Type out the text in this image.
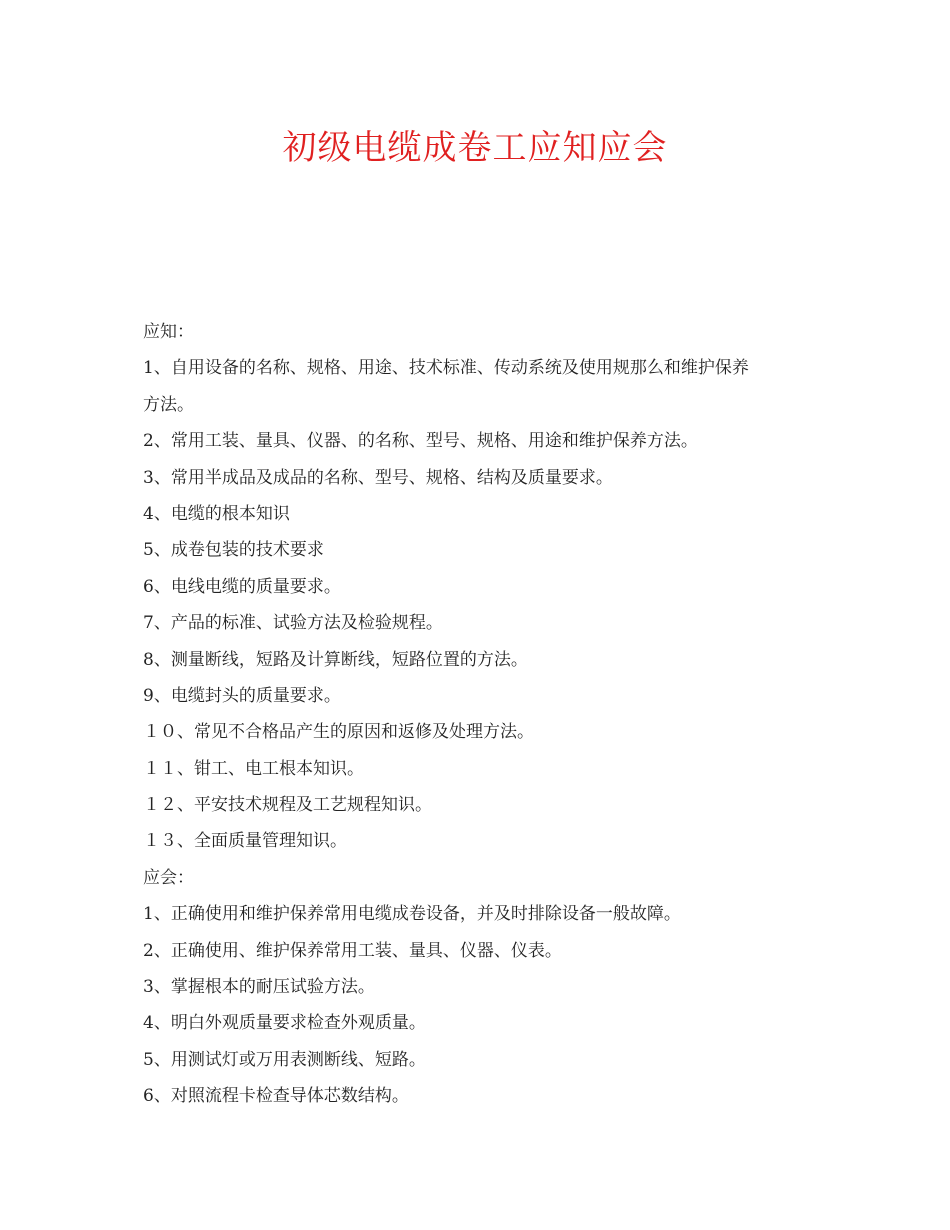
初级电缆成卷工应知应会
应知：
1、自用设备的名称、规格、用途、技术标准、传动系统及使用规那么和维护保养
方法。
2、常用工装、量具、仪器、的名称、型号、规格、用途和维护保养方法。
3、常用半成品及成品的名称、型号、规格、结构及质量要求。
4、电缆的根本知识
5、成卷包装的技术要求
6、电线电缆的质量要求。
7、产品的标准、试验方法及检验规程。
8、测量断线，短路及计算断线，短路位置的方法。
9、电缆封头的质量要求。
１０、常见不合格品产生的原因和返修及处理方法。
１１、钳工、电工根本知识。
１２、平安技术规程及工艺规程知识。
１３、全面质量管理知识。
应会：
1、正确使用和维护保养常用电缆成卷设备，并及时排除设备一般故障。
2、正确使用、维护保养常用工装、量具、仪器、仪表。
3、掌握根本的耐压试验方法。
4、明白外观质量要求检查外观质量。
5、用测试灯或万用表测断线、短路。
6、对照流程卡检查导体芯数结构。
